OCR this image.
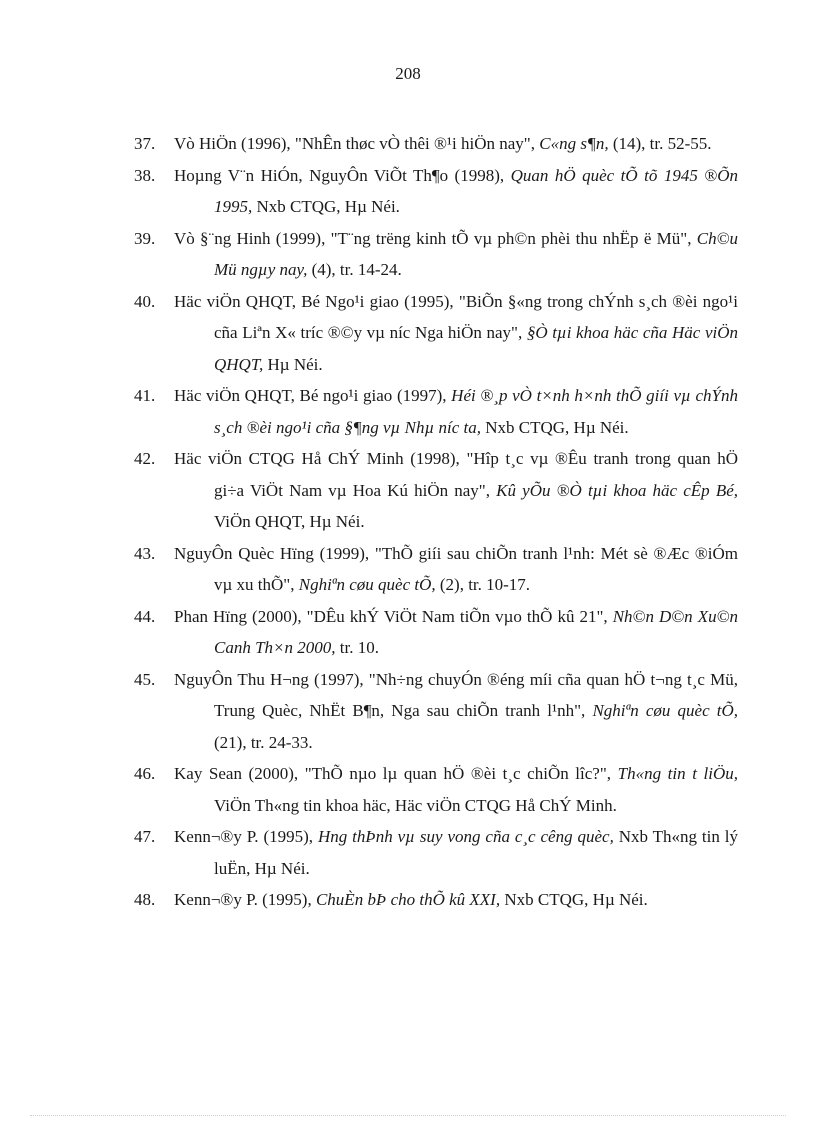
208
37.	Vò HiÖn (1996), "NhÊn thøc vÒ thêi ®¹i hiÖn nay", C«ng s¶n, (14), tr. 52-55.
38.	Hoµng V¨n HiÓn, NguyÔn ViÕt Th¶o (1998), Quan hÖ quèc tÕ tõ 1945 ®Õn 1995, Nxb CTQG, Hµ Néi.
39.	Vò §¨ng Hinh (1999), "T¨ng trëng kinh tÕ vµ ph©n phèi thu nhËp ë Mü", Ch©u Mü ngµy nay, (4), tr. 14-24.
40.	Häc viÖn QHQT, Bé Ngo¹i giao (1995), "BiÕn §«ng trong chÝnh s¸ch ®èi ngo¹i cña Liªn X« tríc ®©y vµ níc Nga hiÖn nay", §Ò tµi khoa häc cña Häc viÖn QHQT, Hµ Néi.
41.	Häc viÖn QHQT, Bé ngo¹i giao (1997), Héi ®¸p vÒ t×nh h×nh thÕ giíi vµ chÝnh s¸ch ®èi ngo¹i cña §¶ng vµ Nhµ níc ta, Nxb CTQG, Hµ Néi.
42.	Häc viÖn CTQG Hå ChÝ Minh (1998), "Hîp t¸c vµ ®Êu tranh trong quan hÖ gi÷a ViÖt Nam vµ Hoa Kú hiÖn nay", Kû yÕu ®Ò tµi khoa häc cÊp Bé, ViÖn QHQT, Hµ Néi.
43.	NguyÔn Quèc Hïng (1999), "ThÕ giíi sau chiÕn tranh l¹nh: Mét sè ®Æc ®iÓm vµ xu thÕ", Nghiªn cøu quèc tÕ, (2), tr. 10-17.
44.	Phan Hïng (2000), "DÊu khÝ ViÖt Nam tiÕn vµo thÕ kû 21", Nh©n D©n Xu©n Canh Th×n 2000, tr. 10.
45.	NguyÔn Thu H¬ng (1997), "Nh÷ng chuyÓn ®éng míi cña quan hÖ t¬ng t¸c Mü, Trung Quèc, NhËt B¶n, Nga sau chiÕn tranh l¹nh", Nghiªn cøu quèc tÕ, (21), tr. 24-33.
46.	Kay Sean (2000), "ThÕ nµo lµ quan hÖ ®èi t¸c chiÕn lîc?", Th«ng tin t liÖu, ViÖn Th«ng tin khoa häc, Häc viÖn CTQG Hå ChÝ Minh.
47.	Kenn¬®y P. (1995), Hng thÞnh vµ suy vong cña c¸c cêng quèc, Nxb Th«ng tin lý luËn, Hµ Néi.
48.	Kenn¬®y P. (1995), ChuÈn bÞ cho thÕ kû XXI, Nxb CTQG, Hµ Néi.
